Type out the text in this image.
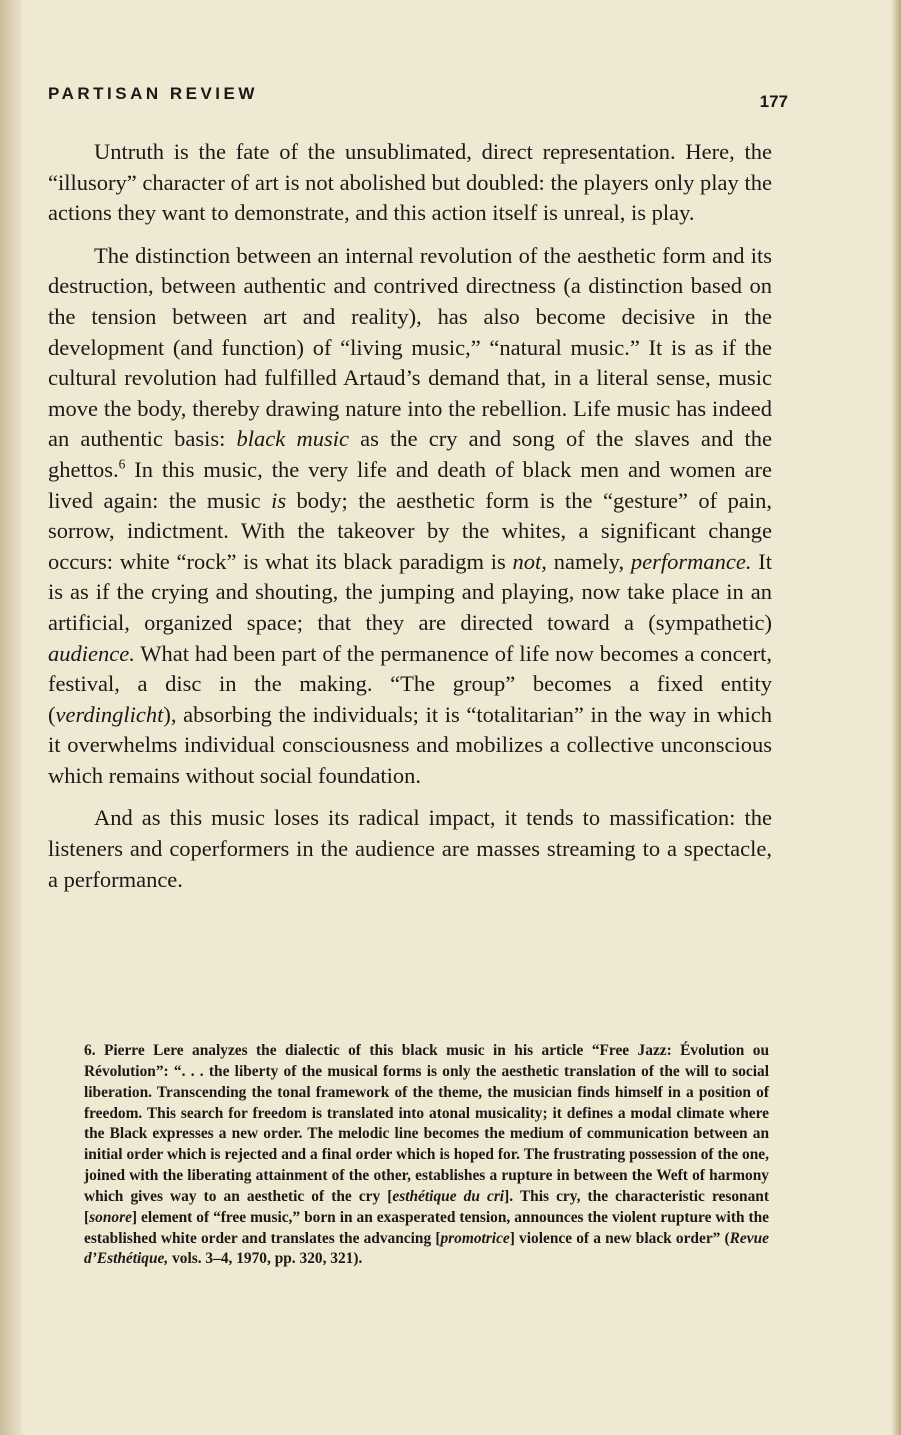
PARTISAN REVIEW	177

Untruth is the fate of the unsublimated, direct representation. Here, the “illusory” character of art is not abolished but doubled: the players only play the actions they want to demonstrate, and this action itself is unreal, is play.

The distinction between an internal revolution of the aesthetic form and its destruction, between authentic and contrived directness (a distinction based on the tension between art and reality), has also become decisive in the development (and function) of “living music,” “natural music.” It is as if the cultural revolution had fulfilled Artaud’s demand that, in a literal sense, music move the body, thereby drawing nature into the rebellion. Life music has indeed an authentic basis: black music as the cry and song of the slaves and the ghettos.$^6$ In this music, the very life and death of black men and women are lived again: the music is body; the aesthetic form is the “gesture” of pain, sorrow, indictment. With the takeover by the whites, a significant change occurs: white “rock” is what its black paradigm is not, namely, performance. It is as if the crying and shouting, the jumping and playing, now take place in an artificial, organized space; that they are directed toward a (sympathetic) audience. What had been part of the permanence of life now becomes a concert, festival, a disc in the making. “The group” becomes a fixed entity (verdinglicht), absorbing the individuals; it is “totalitarian” in the way in which it overwhelms individual consciousness and mobilizes a collective unconscious which remains without social foundation.

And as this music loses its radical impact, it tends to massification: the listeners and coperformers in the audience are masses streaming to a spectacle, a performance.

6. Pierre Lere analyzes the dialectic of this black music in his article “Free Jazz: Évolution ou Révolution”: “. . . the liberty of the musical forms is only the aesthetic translation of the will to social liberation. Transcending the tonal framework of the theme, the musician finds himself in a position of freedom. This search for freedom is translated into atonal musicality; it defines a modal climate where the Black expresses a new order. The melodic line becomes the medium of communication between an initial order which is rejected and a final order which is hoped for. The frustrating possession of the one, joined with the liberating attainment of the other, establishes a rupture in between the Weft of harmony which gives way to an aesthetic of the cry [esthétique du cri]. This cry, the characteristic resonant [sonore] element of “free music,” born in an exasperated tension, announces the violent rupture with the established white order and translates the advancing [promotrice] violence of a new black order” (Revue d’Esthétique, vols. 3–4, 1970, pp. 320, 321).
